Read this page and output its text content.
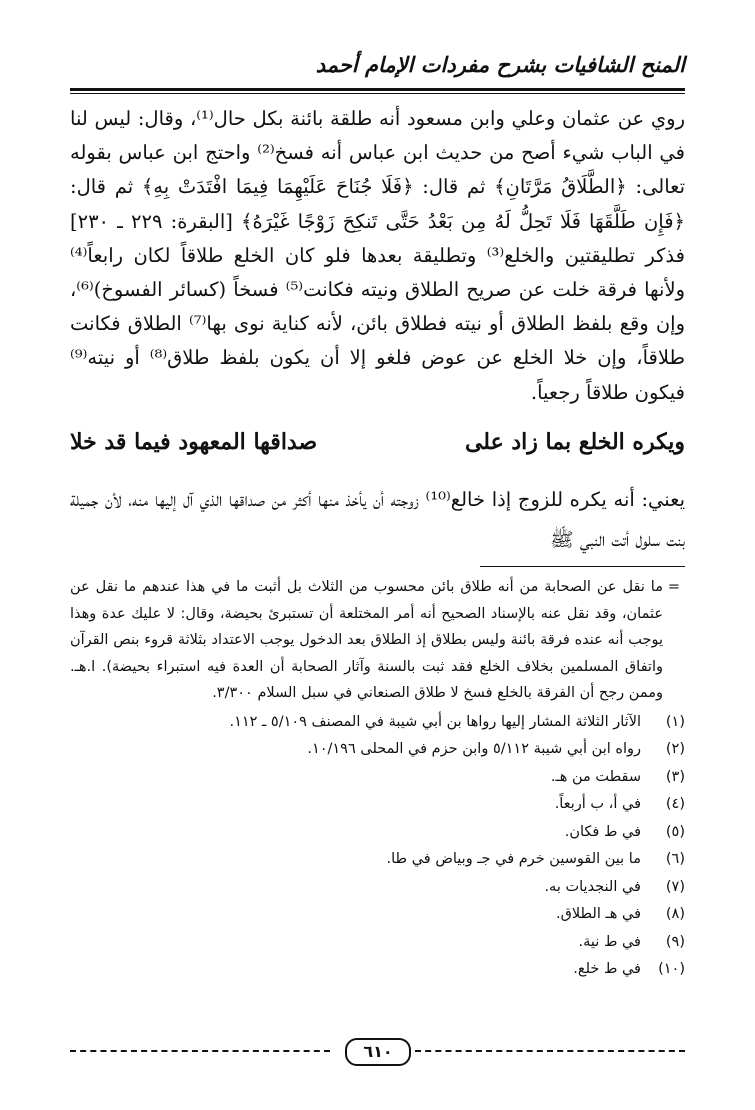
المنح الشافيات بشرح مفردات الإمام أحمد

روي عن عثمان وعلي وابن مسعود أنه طلقة بائنة بكل حال⁽¹⁾، وقال: ليس لنا في الباب شيء أصح من حديث ابن عباس أنه فسخ⁽²⁾ واحتج ابن عباس بقوله تعالى: ﴿الطَّلَاقُ مَرَّتَانِ﴾ ثم قال: ﴿فَلَا جُنَاحَ عَلَيْهِمَا فِيمَا افْتَدَتْ بِهِ﴾ ثم قال: ﴿فَإِن طَلَّقَهَا فَلَا تَحِلُّ لَهُ مِن بَعْدُ حَتَّى تَنكِحَ زَوْجًا غَيْرَهُ﴾ [البقرة: ٢٢٩ ـ ٢٣٠] فذكر تطليقتين والخلع⁽³⁾ وتطليقة بعدها فلو كان الخلع طلاقاً لكان رابعاً⁽⁴⁾ ولأنها فرقة خلت عن صريح الطلاق ونيته فكانت⁽⁵⁾ فسخاً (كسائر الفسوخ)⁽⁶⁾، وإن وقع بلفظ الطلاق أو نيته فطلاق بائن، لأنه كناية نوى بها⁽⁷⁾ الطلاق فكانت طلاقاً، وإن خلا الخلع عن عوض فلغو إلا أن يكون بلفظ طلاق⁽⁸⁾ أو نيته⁽⁹⁾ فيكون طلاقاً رجعياً.

ويكره الخلع بما زاد على
صداقها المعهود فيما قد خلا

يعني: أنه يكره للزوج إذا خالع⁽¹⁰⁾ زوجته أن يأخذ منها أكثر من صداقها الذي آل إليها منه، لأن جميلة بنت سلول أتت النبي ﷺ

=
ما نقل عن الصحابة من أنه طلاق بائن محسوب من الثلاث بل أثبت ما في هذا عندهم ما نقل عن عثمان، وقد نقل عنه بالإسناد الصحيح أنه أمر المختلعة أن تستبرئ بحيضة، وقال: لا عليك عدة وهذا يوجب أنه عنده فرقة بائنة وليس بطلاق إذ الطلاق بعد الدخول يوجب الاعتداد بثلاثة قروء بنص القرآن واتفاق المسلمين بخلاف الخلع فقد ثبت بالسنة وآثار الصحابة أن العدة فيه استبراء بحيضة). ا.هـ. وممن رجح أن الفرقة بالخلع فسخ لا طلاق الصنعاني في سبل السلام ٣/٣٠٠.
(١)
الآثار الثلاثة المشار إليها رواها بن أبي شيبة في المصنف ٥/١٠٩ ـ ١١٢.
(٢)
رواه ابن أبي شيبة ٥/١١٢ وابن حزم في المحلى ١٠/١٩٦.
(٣)
سقطت من هـ.
(٤)
في أ، ب أربعاً.
(٥)
في ط فكان.
(٦)
ما بين القوسين خرم في جـ وبياض في طا.
(٧)
في النجديات به.
(٨)
في هـ الطلاق.
(٩)
في ط نية.
(١٠)
في ط خلع.
٦١٠
